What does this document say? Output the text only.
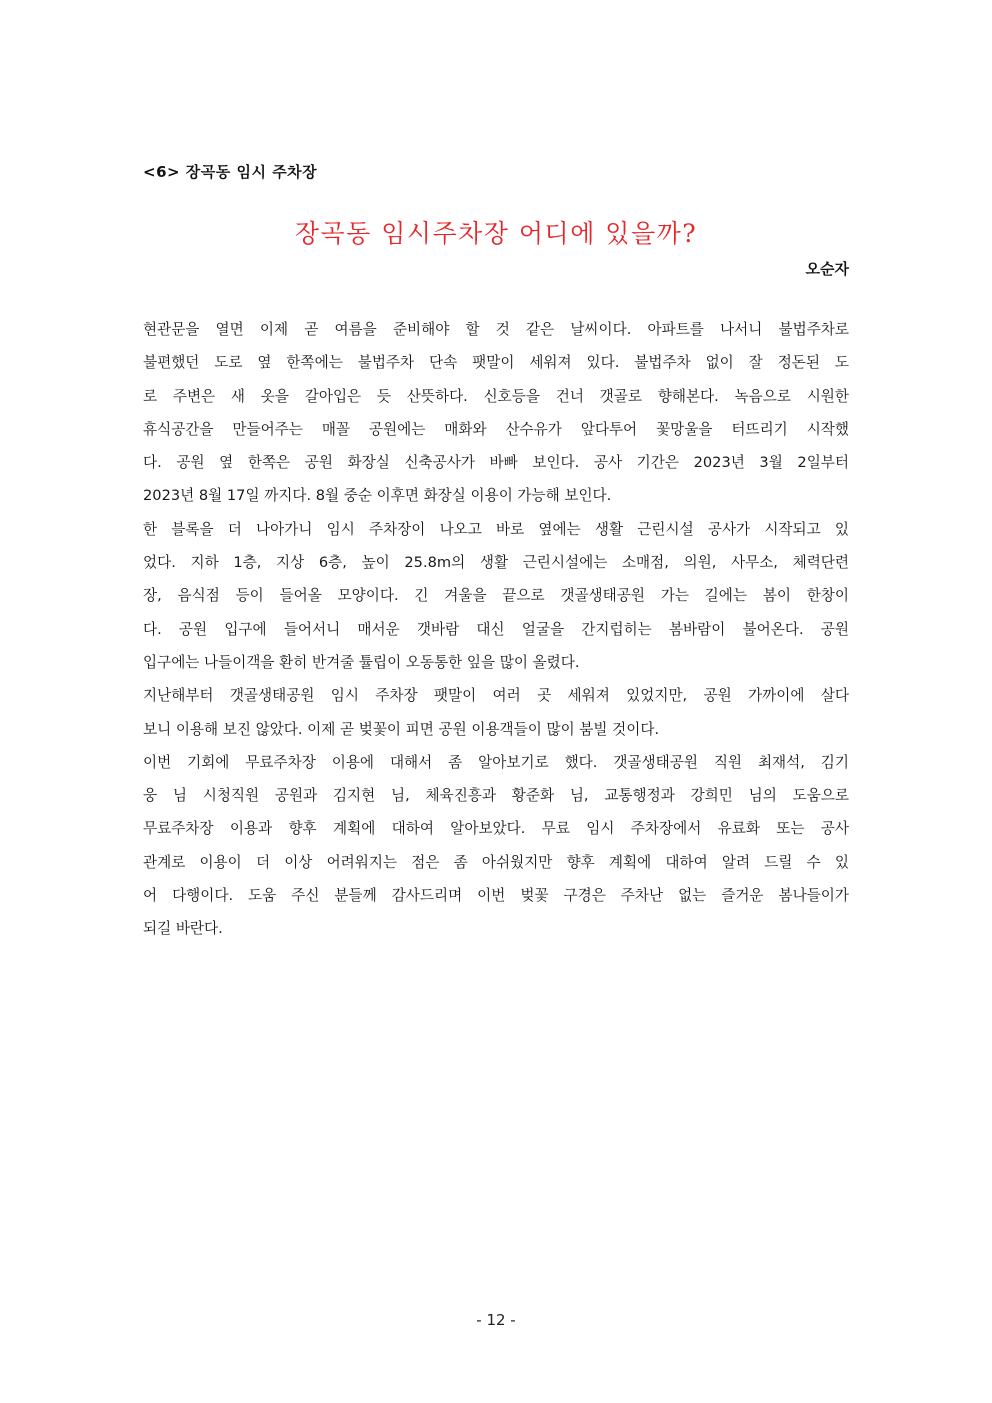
<6> 장곡동 임시 주차장
장곡동 임시주차장 어디에 있을까?
오순자
현관문을 열면 이제 곧 여름을 준비해야 할 것 같은 날씨이다. 아파트를 나서니 불법주차로
불편했던 도로 옆 한쪽에는 불법주차 단속 팻말이 세워져 있다. 불법주차 없이 잘 정돈된 도
로 주변은 새 옷을 갈아입은 듯 산뜻하다. 신호등을 건너 갯골로 향해본다. 녹음으로 시원한
휴식공간을 만들어주는 매꼴 공원에는 매화와 산수유가 앞다투어 꽃망울을 터뜨리기 시작했
다. 공원 옆 한쪽은 공원 화장실 신축공사가 바빠 보인다. 공사 기간은 2023년 3월 2일부터
2023년 8월 17일 까지다. 8월 중순 이후면 화장실 이용이 가능해 보인다.
한 블록을 더 나아가니 임시 주차장이 나오고 바로 옆에는 생활 근린시설 공사가 시작되고 있
었다. 지하 1층, 지상 6층, 높이 25.8m의 생활 근린시설에는 소매점, 의원, 사무소, 체력단련
장, 음식점 등이 들어올 모양이다. 긴 겨울을 끝으로 갯골생태공원 가는 길에는 봄이 한창이
다. 공원 입구에 들어서니 매서운 갯바람 대신 얼굴을 간지럽히는 봄바람이 불어온다. 공원
입구에는 나들이객을 환히 반겨줄 튤립이 오동통한 잎을 많이 올렸다.
지난해부터 갯골생태공원 임시 주차장 팻말이 여러 곳 세워져 있었지만, 공원 가까이에 살다
보니 이용해 보진 않았다. 이제 곧 벚꽃이 피면 공원 이용객들이 많이 붐빌 것이다.
이번 기회에 무료주차장 이용에 대해서 좀 알아보기로 했다. 갯골생태공원 직원 최재석, 김기
웅 님 시청직원 공원과 김지현 님, 체육진흥과 황준화 님, 교통행정과 강희민 님의 도움으로
무료주차장 이용과 향후 계획에 대하여 알아보았다. 무료 임시 주차장에서 유료화 또는 공사
관계로 이용이 더 이상 어려워지는 점은 좀 아쉬웠지만 향후 계획에 대하여 알려 드릴 수 있
어 다행이다. 도움 주신 분들께 감사드리며 이번 벚꽃 구경은 주차난 없는 즐거운 봄나들이가
되길 바란다.
- 12 -
